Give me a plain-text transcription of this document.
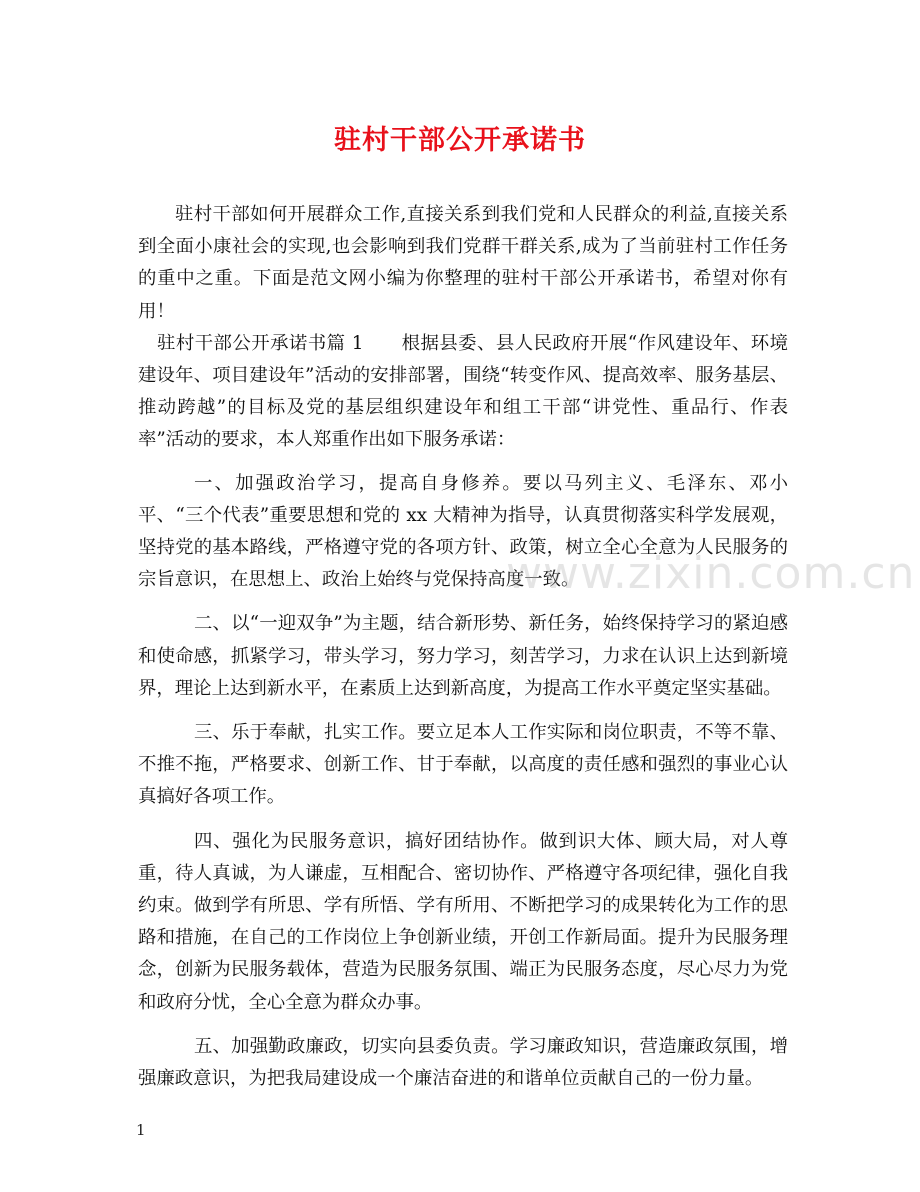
驻村干部公开承诺书

驻村干部如何开展群众工作,直接关系到我们党和人民群众的利益,直接关系到全面小康社会的实现,也会影响到我们党群干群关系,成为了当前驻村工作任务的重中之重。下面是范文网小编为你整理的驻村干部公开承诺书，希望对你有用！

驻村干部公开承诺书篇 1　　根据县委、县人民政府开展“作风建设年、环境建设年、项目建设年”活动的安排部署，围绕“转变作风、提高效率、服务基层、推动跨越”的目标及党的基层组织建设年和组工干部“讲党性、重品行、作表率”活动的要求，本人郑重作出如下服务承诺：

一、加强政治学习，提高自身修养。要以马列主义、毛泽东、邓小平、“三个代表”重要思想和党的 xx 大精神为指导，认真贯彻落实科学发展观，坚持党的基本路线，严格遵守党的各项方针、政策，树立全心全意为人民服务的宗旨意识，在思想上、政治上始终与党保持高度一致。

二、以“一迎双争”为主题，结合新形势、新任务，始终保持学习的紧迫感和使命感，抓紧学习，带头学习，努力学习，刻苦学习，力求在认识上达到新境界，理论上达到新水平，在素质上达到新高度，为提高工作水平奠定坚实基础。

三、乐于奉献，扎实工作。要立足本人工作实际和岗位职责，不等不靠、不推不拖，严格要求、创新工作、甘于奉献，以高度的责任感和强烈的事业心认真搞好各项工作。

四、强化为民服务意识，搞好团结协作。做到识大体、顾大局，对人尊重，待人真诚，为人谦虚，互相配合、密切协作、严格遵守各项纪律，强化自我约束。做到学有所思、学有所悟、学有所用、不断把学习的成果转化为工作的思路和措施，在自己的工作岗位上争创新业绩，开创工作新局面。提升为民服务理念，创新为民服务载体，营造为民服务氛围、端正为民服务态度，尽心尽力为党和政府分忧，全心全意为群众办事。

五、加强勤政廉政，切实向县委负责。学习廉政知识，营造廉政氛围，增强廉政意识，为把我局建设成一个廉洁奋进的和谐单位贡献自己的一份力量。

www.zixin.com.cn
1
